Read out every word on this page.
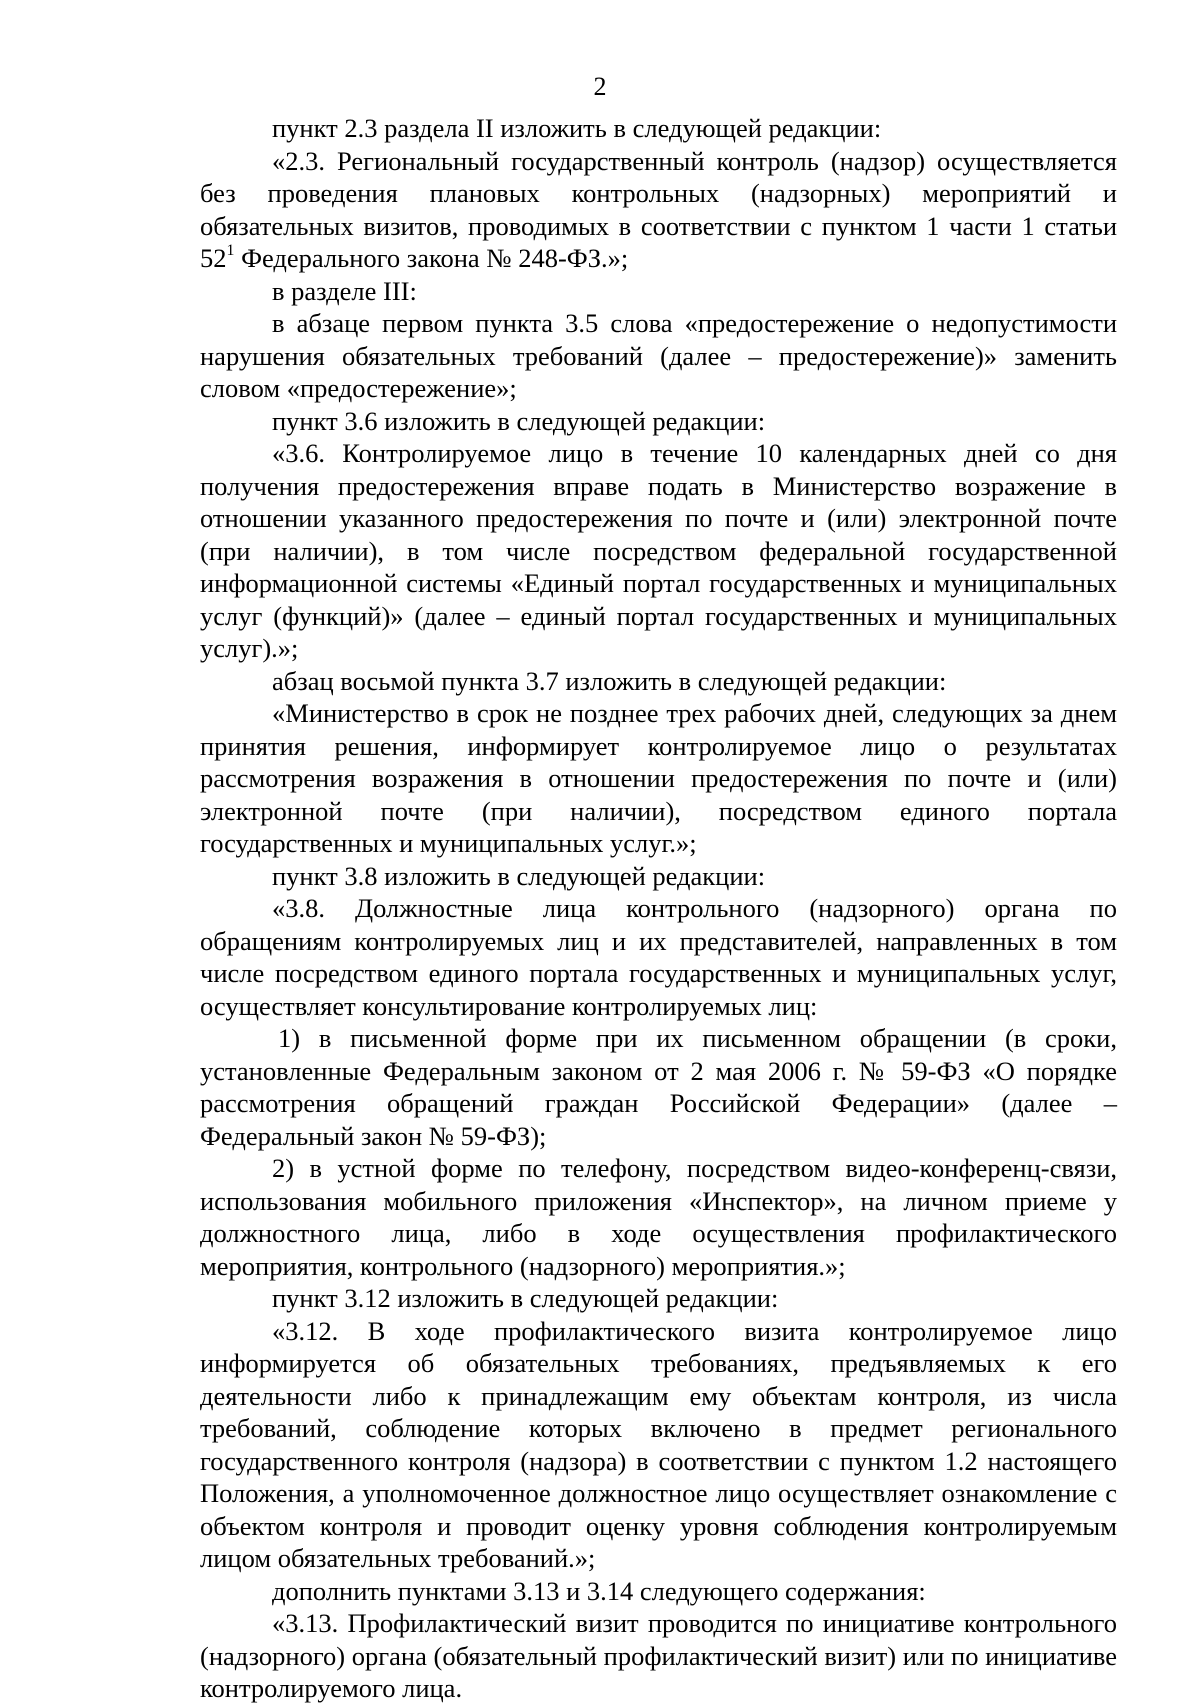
2

пункт 2.3 раздела II изложить в следующей редакции:

«2.3. Региональный государственный контроль (надзор) осуществляется без проведения плановых контрольных (надзорных) мероприятий и обязательных визитов, проводимых в соответствии с пунктом 1 части 1 статьи $52^1$ Федерального закона № 248-ФЗ.»;

в разделе III:

в абзаце первом пункта 3.5 слова «предостережение о недопустимости нарушения обязательных требований (далее – предостережение)» заменить словом «предостережение»;

пункт 3.6 изложить в следующей редакции:

«3.6. Контролируемое лицо в течение 10 календарных дней со дня получения предостережения вправе подать в Министерство возражение в отношении указанного предостережения по почте и (или) электронной почте (при наличии), в том числе посредством федеральной государственной информационной системы «Единый портал государственных и муниципальных услуг (функций)» (далее – единый портал государственных и муниципальных услуг).»;

абзац восьмой пункта 3.7 изложить в следующей редакции:

«Министерство в срок не позднее трех рабочих дней, следующих за днем принятия решения, информирует контролируемое лицо о результатах рассмотрения возражения в отношении предостережения по почте и (или) электронной почте (при наличии), посредством единого портала государственных и муниципальных услуг.»;

пункт 3.8 изложить в следующей редакции:

«3.8. Должностные лица контрольного (надзорного) органа по обращениям контролируемых лиц и их представителей, направленных в том числе посредством единого портала государственных и муниципальных услуг, осуществляет консультирование контролируемых лиц:

1) в письменной форме при их письменном обращении (в сроки, установленные Федеральным законом от 2 мая 2006 г. № 59-ФЗ «О порядке рассмотрения обращений граждан Российской Федерации» (далее – Федеральный закон № 59-ФЗ);

2) в устной форме по телефону, посредством видео-конференц-связи, использования мобильного приложения «Инспектор», на личном приеме у должностного лица, либо в ходе осуществления профилактического мероприятия, контрольного (надзорного) мероприятия.»;

пункт 3.12 изложить в следующей редакции:

«3.12. В ходе профилактического визита контролируемое лицо информируется об обязательных требованиях, предъявляемых к его деятельности либо к принадлежащим ему объектам контроля, из числа требований, соблюдение которых включено в предмет регионального государственного контроля (надзора) в соответствии с пунктом 1.2 настоящего Положения, а уполномоченное должностное лицо осуществляет ознакомление с объектом контроля и проводит оценку уровня соблюдения контролируемым лицом обязательных требований.»;

дополнить пунктами 3.13 и 3.14 следующего содержания:

«3.13. Профилактический визит проводится по инициативе контрольного (надзорного) органа (обязательный профилактический визит) или по инициативе контролируемого лица.
